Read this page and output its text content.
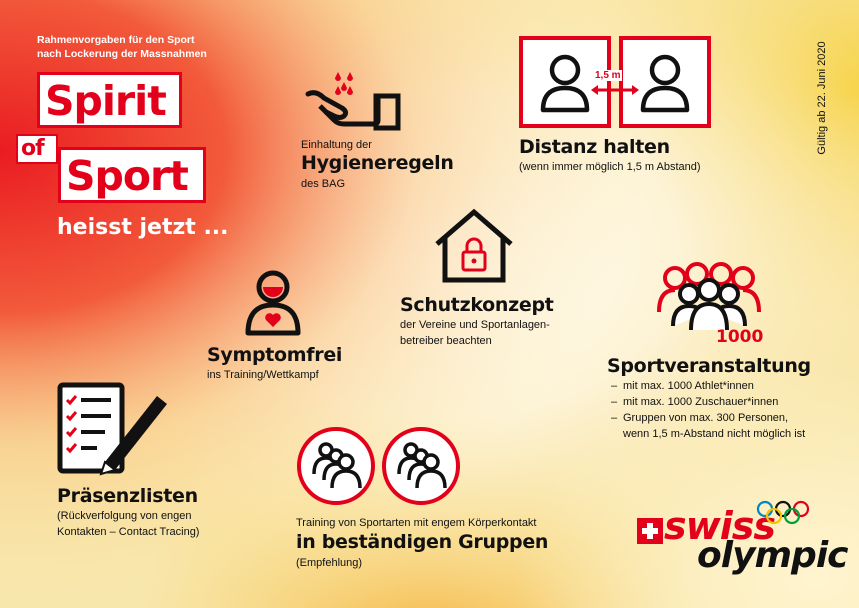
Rahmenvorgaben für den Sport
nach Lockerung der Massnahmen
Spirit
of
Sport
heisst jetzt ...
Gültig ab 22. Juni 2020
Einhaltung der
Hygieneregeln
des BAG
1,5 m
Distanz halten
(wenn immer möglich 1,5 m Abstand)
Schutzkonzept
der Vereine und Sportanlagen-
betreiber beachten
Symptomfrei
ins Training/Wettkampf
1000
Sportveranstaltung
– mit max. 1000 Athlet*innen
– mit max. 1000 Zuschauer*innen
– Gruppen von max. 300 Personen,
wenn 1,5 m-Abstand nicht möglich ist
Präsenzlisten
(Rückverfolgung von engen
Kontakten – Contact Tracing)
Training von Sportarten mit engem Körperkontakt
in beständigen Gruppen
(Empfehlung)
swiss
olympic
